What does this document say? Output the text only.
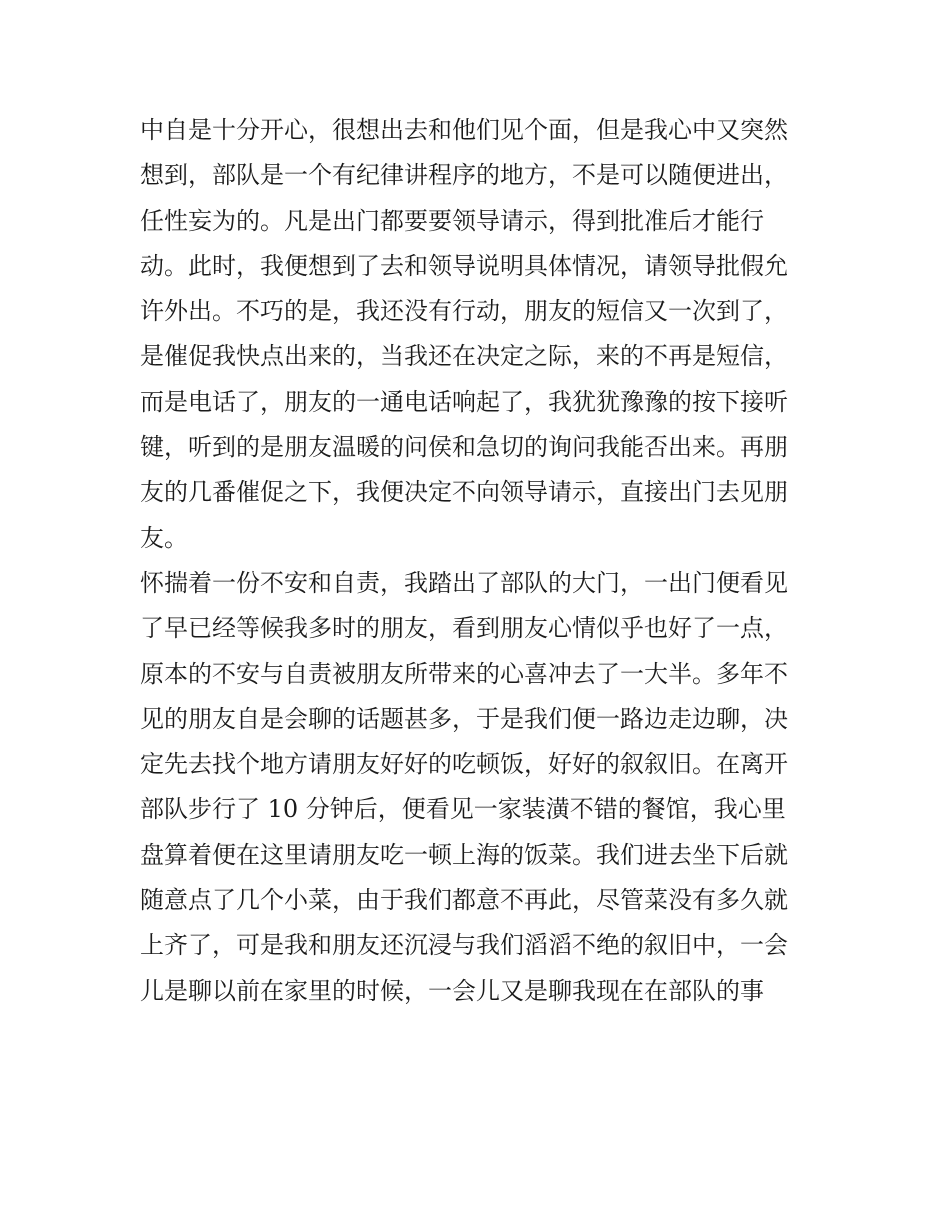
中自是十分开心，很想出去和他们见个面，但是我心中又突然
想到，部队是一个有纪律讲程序的地方，不是可以随便进出，
任性妄为的。凡是出门都要要领导请示，得到批准后才能行
动。此时，我便想到了去和领导说明具体情况，请领导批假允
许外出。不巧的是，我还没有行动，朋友的短信又一次到了，
是催促我快点出来的，当我还在决定之际，来的不再是短信，
而是电话了，朋友的一通电话响起了，我犹犹豫豫的按下接听
键，听到的是朋友温暖的问侯和急切的询问我能否出来。再朋
友的几番催促之下，我便决定不向领导请示，直接出门去见朋
友。
怀揣着一份不安和自责，我踏出了部队的大门，一出门便看见
了早已经等候我多时的朋友，看到朋友心情似乎也好了一点，
原本的不安与自责被朋友所带来的心喜冲去了一大半。多年不
见的朋友自是会聊的话题甚多，于是我们便一路边走边聊，决
定先去找个地方请朋友好好的吃顿饭，好好的叙叙旧。在离开
部队步行了 10 分钟后，便看见一家装潢不错的餐馆，我心里
盘算着便在这里请朋友吃一顿上海的饭菜。我们进去坐下后就
随意点了几个小菜，由于我们都意不再此，尽管菜没有多久就
上齐了，可是我和朋友还沉浸与我们滔滔不绝的叙旧中，一会
儿是聊以前在家里的时候，一会儿又是聊我现在在部队的事
